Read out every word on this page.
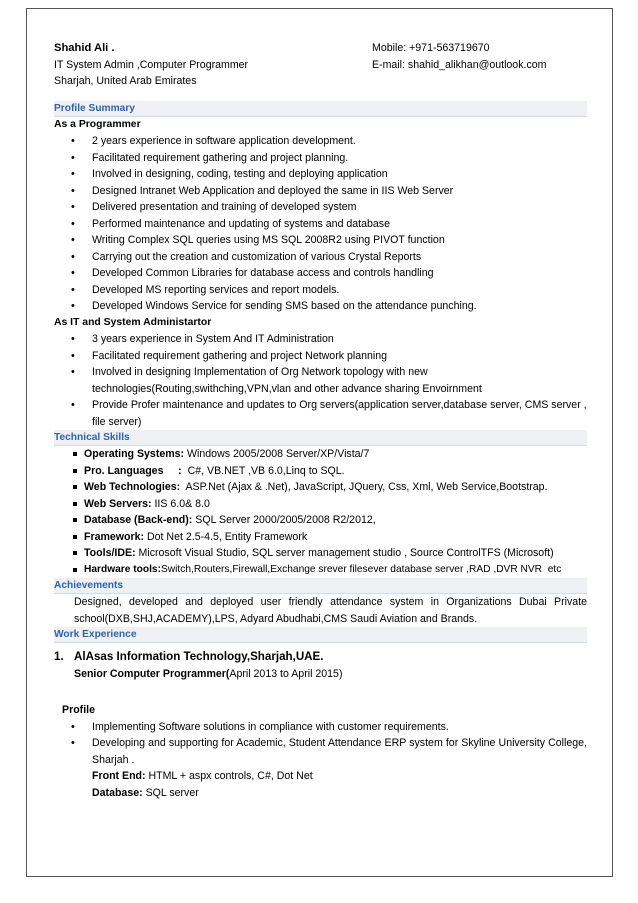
Shahid Ali .	Mobile: +971-563719670
IT System Admin ,Computer Programmer	E-mail: shahid_alikhan@outlook.com
Sharjah, United Arab Emirates
Profile Summary
As a Programmer
• 2 years experience in software application development.
• Facilitated requirement gathering and project planning.
• Involved in designing, coding, testing and deploying application
• Designed Intranet Web Application and deployed the same in IIS Web Server
• Delivered presentation and training of developed system
• Performed maintenance and updating of systems and database
• Writing Complex SQL queries using MS SQL 2008R2 using PIVOT function
• Carrying out the creation and customization of various Crystal Reports
• Developed Common Libraries for database access and controls handling
• Developed MS reporting services and report models.
• Developed Windows Service for sending SMS based on the attendance punching.
As IT and System Administartor
• 3 years experience in System And IT Administration
• Facilitated requirement gathering and project Network planning
• Involved in designing Implementation of Org Network topology with new technologies(Routing,swithching,VPN,vlan and other advance sharing Envoirnment
• Provide Profer maintenance and updates to Org servers(application server,database server, CMS server , file server)
Technical Skills
Operating Systems: Windows 2005/2008 Server/XP/Vista/7
Pro. Languages     :  C#, VB.NET ,VB 6.0,Linq to SQL.
Web Technologies:  ASP.Net (Ajax & .Net), JavaScript, JQuery, Css, Xml, Web Service,Bootstrap.
Web Servers: IIS 6.0& 8.0
Database (Back-end): SQL Server 2000/2005/2008 R2/2012,
Framework: Dot Net 2.5-4.5, Entity Framework
Tools/IDE: Microsoft Visual Studio, SQL server management studio , Source ControlTFS (Microsoft)
Hardware tools:Switch,Routers,Firewall,Exchange srever filesever database server ,RAD ,DVR NVR  etc
Achievements
Designed, developed and deployed user friendly attendance system in Organizations Dubai Private school(DXB,SHJ,ACADEMY),LPS, Adyard Abudhabi,CMS Saudi Aviation and Brands.
Work Experience
1. AlAsas Information Technology,Sharjah,UAE.
Senior Computer Programmer(April 2013 to April 2015)
Profile
• Implementing Software solutions in compliance with customer requirements.
• Developing and supporting for Academic, Student Attendance ERP system for Skyline University College, Sharjah .
Front End: HTML + aspx controls, C#, Dot Net
Database: SQL server
